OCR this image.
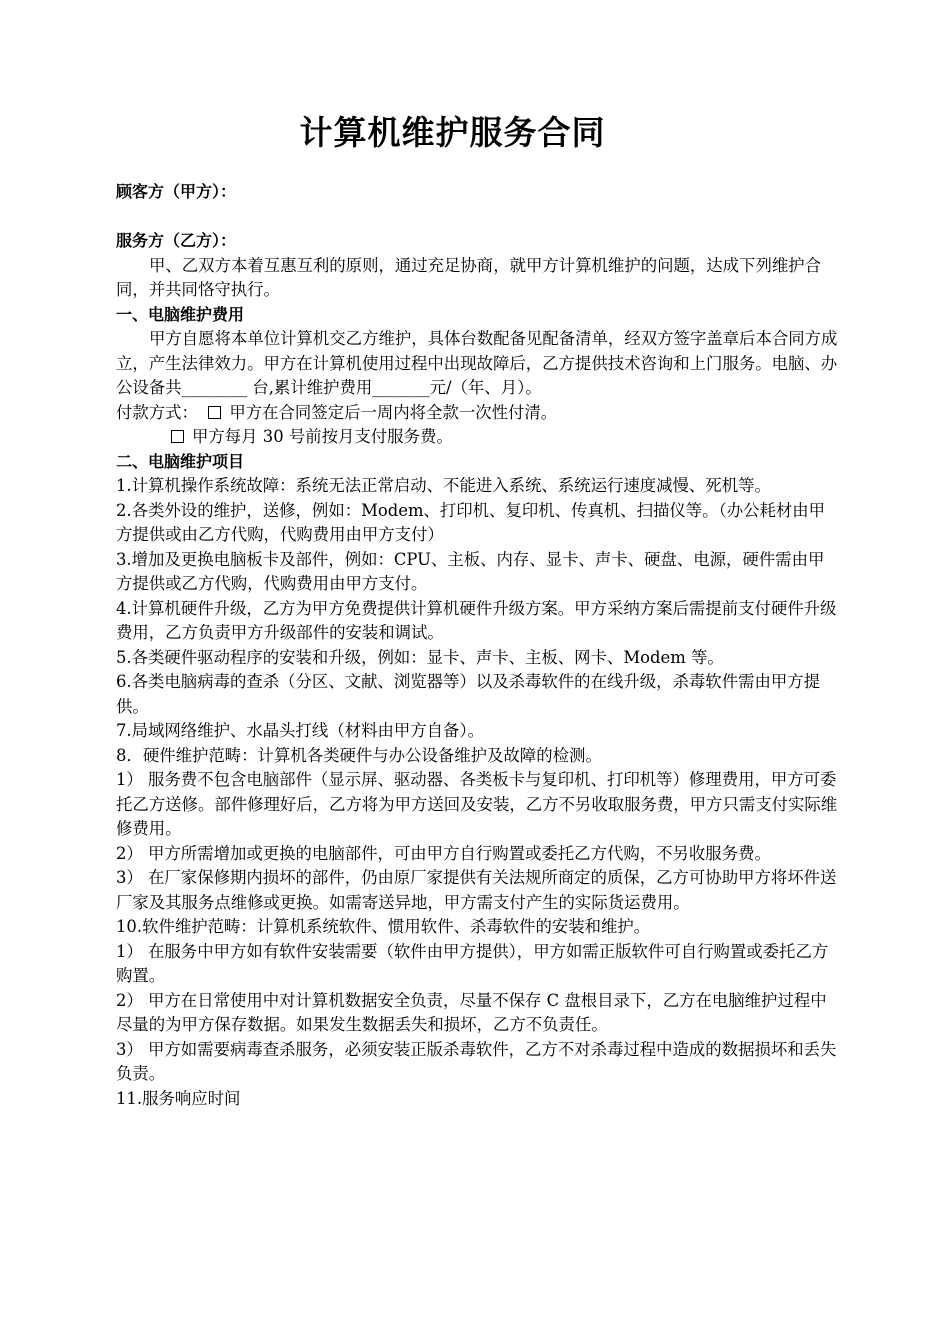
计算机维护服务合同

顾客方（甲方）：

服务方（乙方）：

甲、乙双方本着互惠互利的原则，通过充足协商，就甲方计算机维护的问题，达成下列维护合同，并共同恪守执行。

一、电脑维护费用

甲方自愿将本单位计算机交乙方维护，具体台数配备见配备清单，经双方签字盖章后本合同方成立，产生法律效力。甲方在计算机使用过程中出现故障后，乙方提供技术咨询和上门服务。电脑、办公设备共________ 台,累计维护费用_______元/（年、月）。

付款方式： 甲方在合同签定后一周内将全款一次性付清。

甲方每月 30 号前按月支付服务费。

二、电脑维护项目

1.计算机操作系统故障：系统无法正常启动、不能进入系统、系统运行速度减慢、死机等。

2.各类外设的维护，送修，例如：Modem、打印机、复印机、传真机、扫描仪等。（办公耗材由甲方提供或由乙方代购，代购费用由甲方支付）

3.增加及更换电脑板卡及部件，例如：CPU、主板、内存、显卡、声卡、硬盘、电源，硬件需由甲方提供或乙方代购，代购费用由甲方支付。

4.计算机硬件升级，乙方为甲方免费提供计算机硬件升级方案。甲方采纳方案后需提前支付硬件升级费用，乙方负责甲方升级部件的安装和调试。

5.各类硬件驱动程序的安装和升级，例如：显卡、声卡、主板、网卡、Modem 等。

6.各类电脑病毒的查杀（分区、文献、浏览器等）以及杀毒软件的在线升级，杀毒软件需由甲方提供。

7.局域网络维护、水晶头打线（材料由甲方自备）。

8．硬件维护范畴：计算机各类硬件与办公设备维护及故障的检测。

1） 服务费不包含电脑部件（显示屏、驱动器、各类板卡与复印机、打印机等）修理费用，甲方可委托乙方送修。部件修理好后，乙方将为甲方送回及安装，乙方不另收取服务费，甲方只需支付实际维修费用。

2） 甲方所需增加或更换的电脑部件，可由甲方自行购置或委托乙方代购，不另收服务费。

3） 在厂家保修期内损坏的部件，仍由原厂家提供有关法规所商定的质保，乙方可协助甲方将坏件送厂家及其服务点维修或更换。如需寄送异地，甲方需支付产生的实际货运费用。

10.软件维护范畴：计算机系统软件、惯用软件、杀毒软件的安装和维护。

1） 在服务中甲方如有软件安装需要（软件由甲方提供），甲方如需正版软件可自行购置或委托乙方购置。

2） 甲方在日常使用中对计算机数据安全负责，尽量不保存 C 盘根目录下，乙方在电脑维护过程中尽量的为甲方保存数据。如果发生数据丢失和损坏，乙方不负责任。

3） 甲方如需要病毒查杀服务，必须安装正版杀毒软件，乙方不对杀毒过程中造成的数据损坏和丢失负责。

11.服务响应时间
